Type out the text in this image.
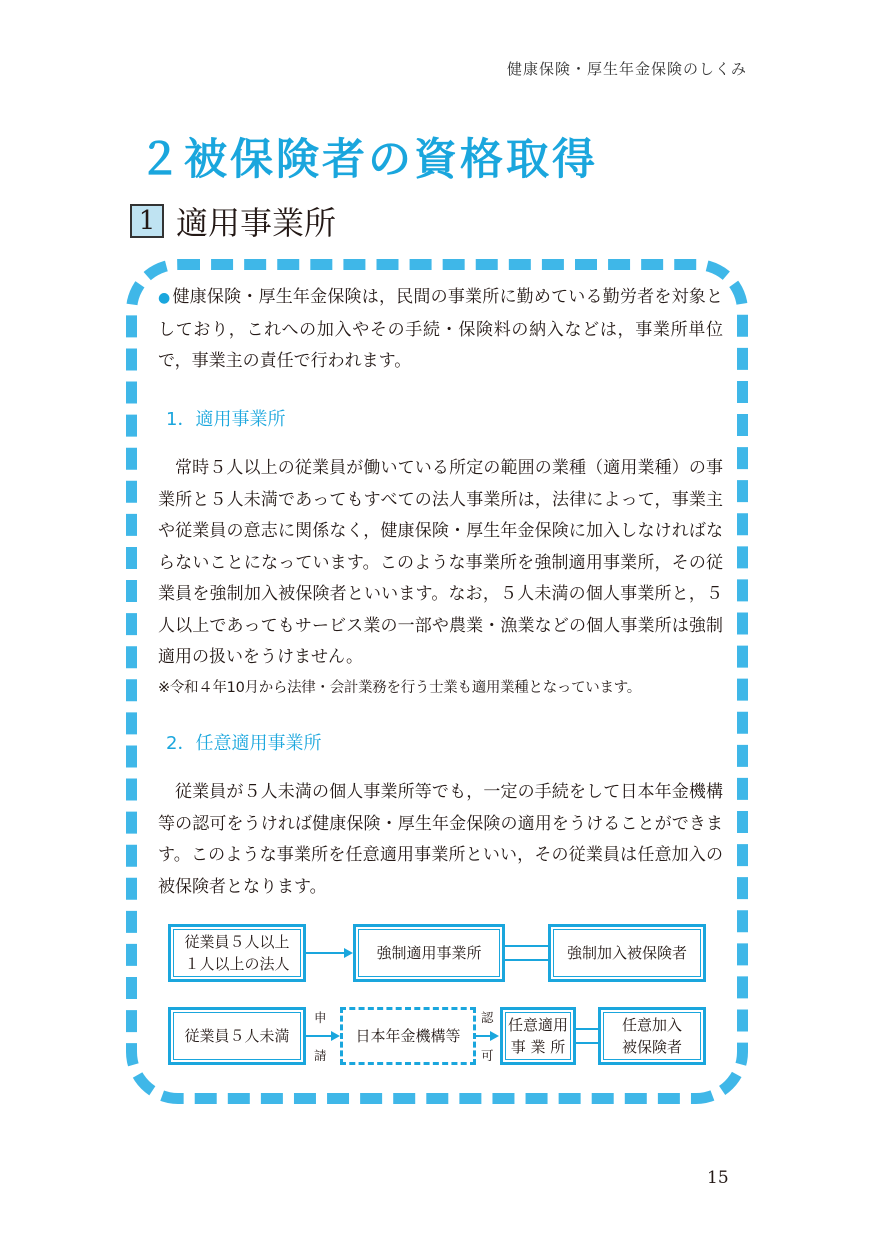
健康保険・厚生年金保険のしくみ
２被保険者の資格取得
1 適用事業所

● 健康保険・厚生年金保険は，民間の事業所に勤めている勤労者を対象としており，これへの加入やその手続・保険料の納入などは，事業所単位で，事業主の責任で行われます。

1．適用事業所

常時５人以上の従業員が働いている所定の範囲の業種（適用業種）の事業所と５人未満であってもすべての法人事業所は，法律によって，事業主や従業員の意志に関係なく，健康保険・厚生年金保険に加入しなければならないことになっています。このような事業所を強制適用事業所，その従業員を強制加入被保険者といいます。なお，５人未満の個人事業所と，５人以上であってもサービス業の一部や農業・漁業などの個人事業所は強制適用の扱いをうけません。

※令和４年10月から法律・会計業務を行う士業も適用業種となっています。

2．任意適用事業所

従業員が５人未満の個人事業所等でも，一定の手続をして日本年金機構等の認可をうければ健康保険・厚生年金保険の適用をうけることができます。このような事業所を任意適用事業所といい，その従業員は任意加入の被保険者となります。

従業員５人以上
１人以上の法人
強制適用事業所	強制加入被保険者
従業員５人未満
申
請
日本年金機構等
認
可
任意適用
事 業 所
任意加入
被保険者
15
